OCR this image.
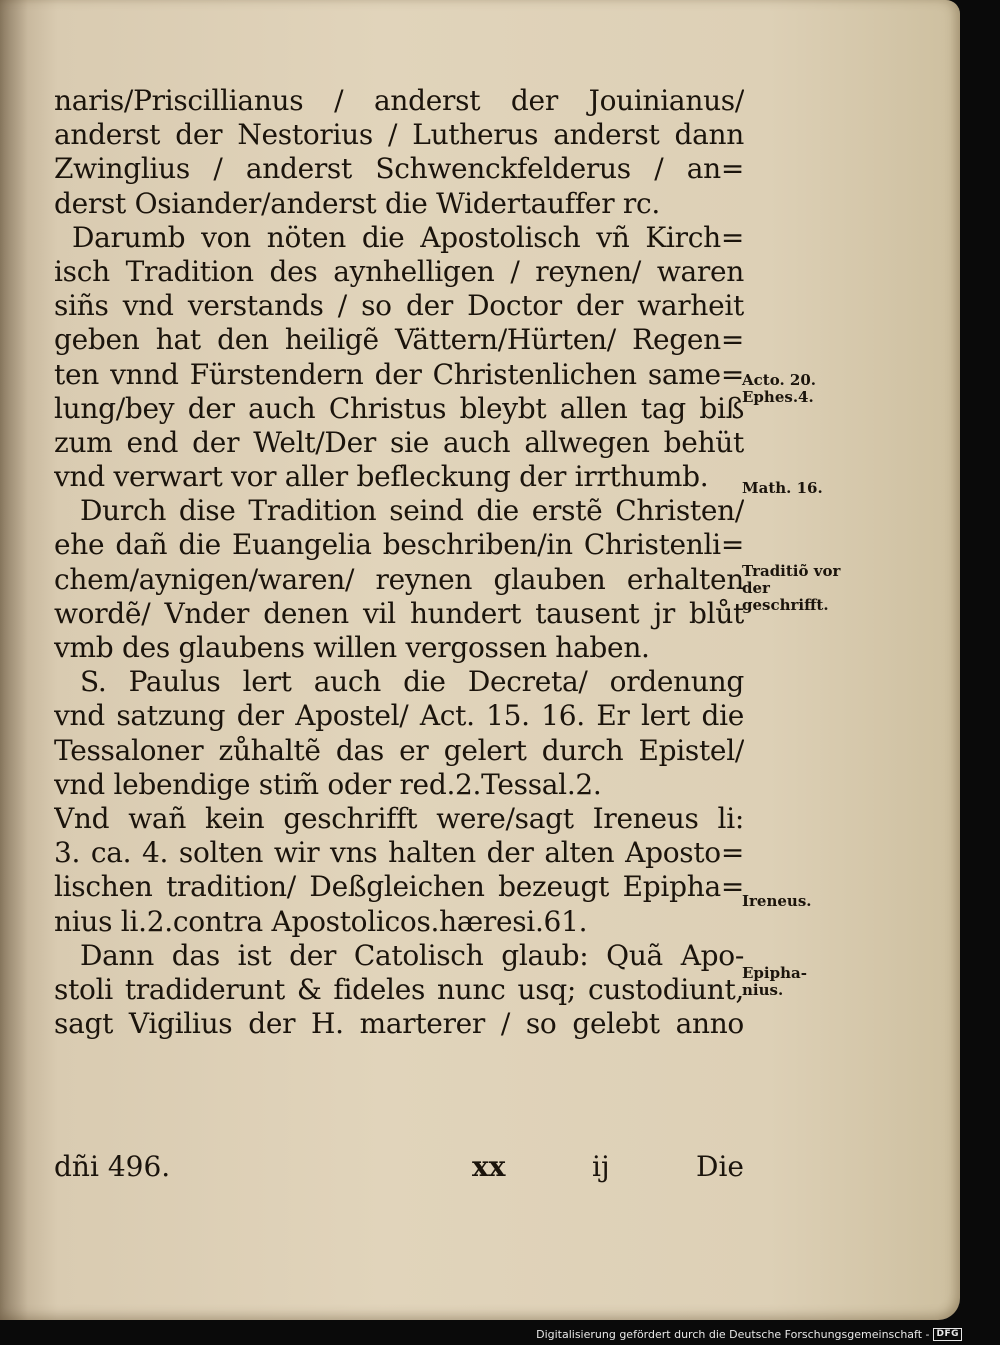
naris/Priscillianus / anderst der Jouinianus/
anderst der Nestorius / Lutherus anderst dann
Zwinglius / anderst Schwenckfelderus / an=
derst Osiander/anderst die Widertauffer rc.
Darumb von nöten die Apostolisch vñ Kirch=
isch Tradition des aynhelligen / reynen/ waren
siñs vnd verstands / so der Doctor der warheit
geben hat den heiligẽ Vättern/Hürten/ Regen=
ten vnnd Fürstendern der Christenlichen same=
lung/bey der auch Christus bleybt allen tag biß
zum end der Welt/Der sie auch allwegen behüt
vnd verwart vor aller befleckung der irrthumb.
Durch dise Tradition seind die erstẽ Christen/
ehe dañ die Euangelia beschriben/in Christenli=
chem/aynigen/waren/ reynen glauben erhalten
wordẽ/ Vnder denen vil hundert tausent jr blůt
vmb des glaubens willen vergossen haben.
S. Paulus lert auch die Decreta/ ordenung
vnd satzung der Apostel/ Act. 15. 16. Er lert die
Tessaloner zůhaltẽ das er gelert durch Epistel/
vnd lebendige stim̃ oder red.2.Tessal.2.
Vnd wañ kein geschrifft were/sagt Ireneus li:
3. ca. 4. solten wir vns halten der alten Aposto=
lischen tradition/ Deßgleichen bezeugt Epipha=
nius li.2.contra Apostolicos.hæresi.61.
Dann das ist der Catolisch glaub: Quã Apo-
stoli tradiderunt & fideles nunc usq; custodiunt,
sagt Vigilius der H. marterer / so gelebt anno
dñi 496.	xx	ij	Die
Acto. 20. Ephes.4.
Math. 16.
Traditiõ vor der geschrifft.
Ireneus.
Epipha- nius.
Digitalisierung gefördert durch die Deutsche Forschungsgemeinschaft - DFG
